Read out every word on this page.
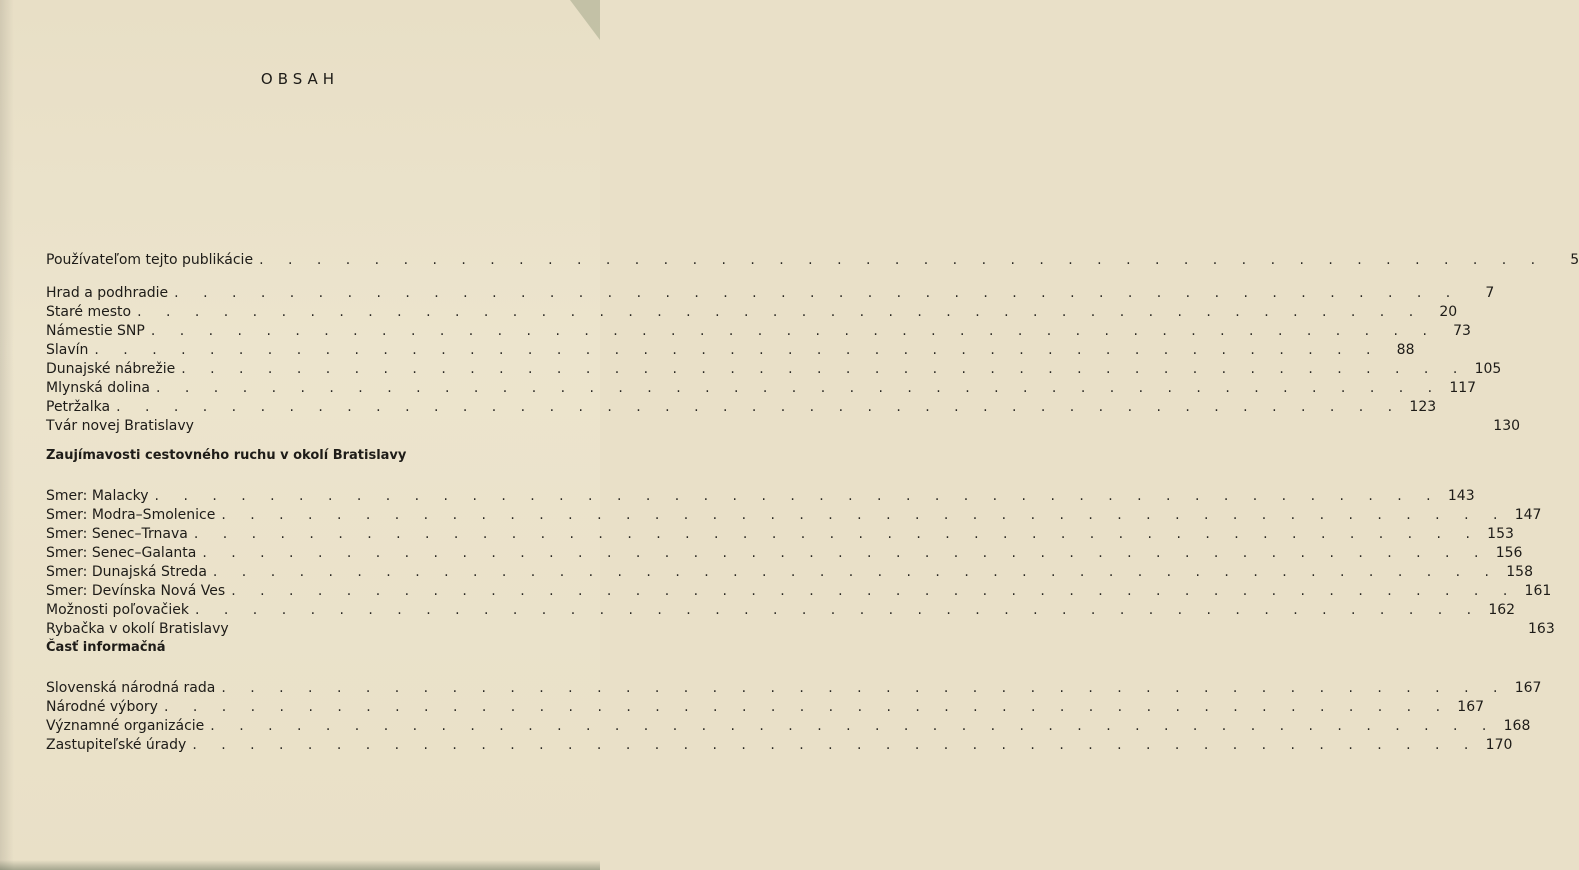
OBSAH
Používateľom tejto publikácie . . . . . . . . . . . . . . . . . . . . . . . . . . . . . . . . . . . . . . . . . . . . .	5
Hrad a podhradie . . . . . . . . . . . . . . . . . . . . . . . . . . . . . . . . . . . . . . . . . . . . .	7
Staré mesto . . . . . . . . . . . . . . . . . . . . . . . . . . . . . . . . . . . . . . . . . . . . .	20
Námestie SNP . . . . . . . . . . . . . . . . . . . . . . . . . . . . . . . . . . . . . . . . . . . . .	73
Slavín . . . . . . . . . . . . . . . . . . . . . . . . . . . . . . . . . . . . . . . . . . . . .	88
Dunajské nábrežie . . . . . . . . . . . . . . . . . . . . . . . . . . . . . . . . . . . . . . . . . . . . . 105
Mlynská dolina . . . . . . . . . . . . . . . . . . . . . . . . . . . . . . . . . . . . . . . . . . . . . 117
Petržalka . . . . . . . . . . . . . . . . . . . . . . . . . . . . . . . . . . . . . . . . . . . . . 123
Tvár novej Bratislavy	130
Zaujímavosti cestovného ruchu v okolí Bratislavy
Smer: Malacky . . . . . . . . . . . . . . . . . . . . . . . . . . . . . . . . . . . . . . . . . . . . . 143
Smer: Modra–Smolenice . . . . . . . . . . . . . . . . . . . . . . . . . . . . . . . . . . . . . . . . . . . . . 147
Smer: Senec–Trnava . . . . . . . . . . . . . . . . . . . . . . . . . . . . . . . . . . . . . . . . . . . . . 153
Smer: Senec–Galanta . . . . . . . . . . . . . . . . . . . . . . . . . . . . . . . . . . . . . . . . . . . . . 156
Smer: Dunajská Streda . . . . . . . . . . . . . . . . . . . . . . . . . . . . . . . . . . . . . . . . . . . . . 158
Smer: Devínska Nová Ves . . . . . . . . . . . . . . . . . . . . . . . . . . . . . . . . . . . . . . . . . . . . . 161
Možnosti poľovačiek . . . . . . . . . . . . . . . . . . . . . . . . . . . . . . . . . . . . . . . . . . . . . 162
Rybačka v okolí Bratislavy	163
Časť informačná
Slovenská národná rada . . . . . . . . . . . . . . . . . . . . . . . . . . . . . . . . . . . . . . . . . . . . . 167
Národné výbory . . . . . . . . . . . . . . . . . . . . . . . . . . . . . . . . . . . . . . . . . . . . . 167
Významné organizácie . . . . . . . . . . . . . . . . . . . . . . . . . . . . . . . . . . . . . . . . . . . . . 168
Zastupiteľské úrady . . . . . . . . . . . . . . . . . . . . . . . . . . . . . . . . . . . . . . . . . . . . . 170
